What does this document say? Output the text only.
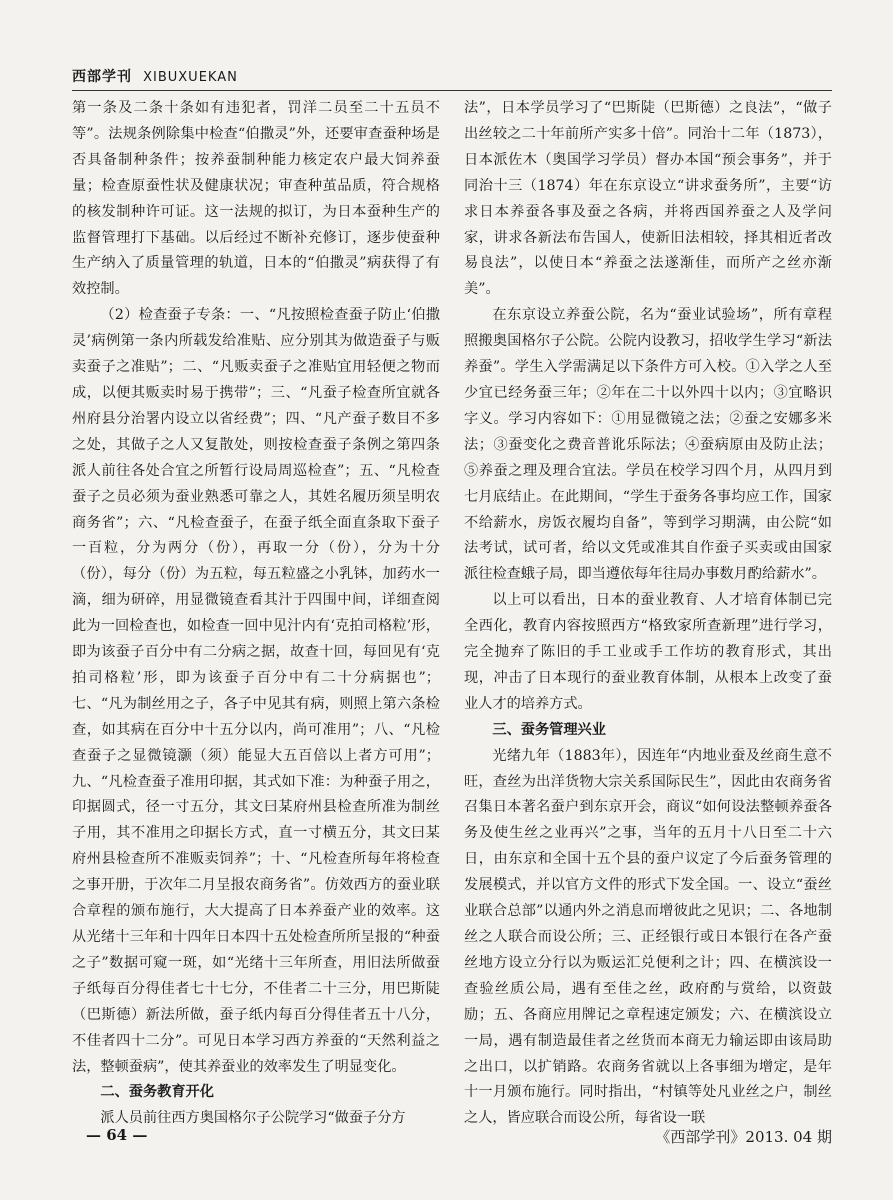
西部学刊 XIBUXUEKAN

第一条及二条十条如有违犯者，罚洋二员至二十五员不等”。法规条例除集中检查“伯撒灵”外，还要审查蚕种场是否具备制种条件；按养蚕制种能力核定农户最大饲养蚕量；检查原蚕性状及健康状况；审查种茧品质，符合规格的核发制种许可证。这一法规的拟订，为日本蚕种生产的监督管理打下基础。以后经过不断补充修订，逐步使蚕种生产纳入了质量管理的轨道，日本的“伯撒灵”病获得了有效控制。

（2）检查蚕子专条：一、“凡按照检查蚕子防止‘伯撒灵’病例第一条内所载发给准贴、应分别其为做造蚕子与贩卖蚕子之准贴”；二、“凡贩卖蚕子之准贴宜用轻便之物而成，以便其贩卖时易于携带”；三、“凡蚕子检查所宜就各州府县分治署内设立以省经费”；四、“凡产蚕子数目不多之处，其做子之人又复散处，则按检查蚕子条例之第四条派人前往各处合宜之所暂行设局周巡检查”；五、“凡检查蚕子之员必须为蚕业熟悉可靠之人，其姓名履历须呈明农商务省”；六、“凡检查蚕子，在蚕子纸全面直条取下蚕子一百粒，分为两分（份），再取一分（份），分为十分（份），每分（份）为五粒，每五粒盛之小乳钵，加药水一滴，细为研碎，用显微镜查看其汁于四围中间，详细查阅此为一回检查也，如检查一回中见汁内有‘克拍司格粒’形，即为该蚕子百分中有二分病之据，故查十回，每回见有‘克拍司格粒’形，即为该蚕子百分中有二十分病据也”；七、“凡为制丝用之子，各子中见其有病，则照上第六条检查，如其病在百分中十五分以内，尚可准用”；八、“凡检查蚕子之显微镜灏（须）能显大五百倍以上者方可用”；九、“凡检查蚕子准用印据，其式如下准：为种蚕子用之，印据圆式，径一寸五分，其文曰某府州县检查所准为制丝子用，其不准用之印据长方式，直一寸横五分，其文曰某府州县检查所不准贩卖饲养”；十、“凡检查所每年将检查之事开册，于次年二月呈报农商务省”。仿效西方的蚕业联合章程的颁布施行，大大提高了日本养蚕产业的效率。这从光绪十三年和十四年日本四十五处检查所所呈报的“种蚕之子”数据可窥一斑，如“光绪十三年所查，用旧法所做蚕子纸每百分得佳者七十七分，不佳者二十三分，用巴斯陡（巴斯德）新法所做，蚕子纸内每百分得佳者五十八分，不佳者四十二分”。可见日本学习西方养蚕的“天然利益之法，整顿蚕病”，使其养蚕业的效率发生了明显变化。

二、蚕务教育开化

派人员前往西方奥国格尔子公院学习“做蚕子分方

法”，日本学员学习了“巴斯陡（巴斯德）之良法”，“做子出丝较之二十年前所产实多十倍”。同治十二年（1873），日本派佐木（奥国学习学员）督办本国“预会事务”，并于同治十三（1874）年在东京设立“讲求蚕务所”，主要“访求日本养蚕各事及蚕之各病，并将西国养蚕之人及学问家，讲求各新法布告国人，使新旧法相较，择其相近者改易良法”，以使日本“养蚕之法遂渐佳，而所产之丝亦渐美”。

在东京设立养蚕公院，名为“蚕业试验场”，所有章程照搬奥国格尔子公院。公院内设教习，招收学生学习“新法养蚕”。学生入学需满足以下条件方可入校。①入学之人至少宜已经务蚕三年；②年在二十以外四十以内；③宜略识字义。学习内容如下：①用显微镜之法；②蚕之安娜多米法；③蚕变化之费音普讹乐际法；④蚕病原由及防止法；⑤养蚕之理及理合宜法。学员在校学习四个月，从四月到七月底结止。在此期间，“学生于蚕务各事均应工作，国家不给薪水，房饭衣履均自备”，等到学习期满，由公院“如法考试，试可者，给以文凭或准其自作蚕子买卖或由国家派往检查蛾子局，即当遵依每年往局办事数月酌给薪水”。

以上可以看出，日本的蚕业教育、人才培育体制已完全西化，教育内容按照西方“格致家所查新理”进行学习，完全抛弃了陈旧的手工业或手工作坊的教育形式，其出现，冲击了日本现行的蚕业教育体制，从根本上改变了蚕业人才的培养方式。

三、蚕务管理兴业

光绪九年（1883年），因连年“内地业蚕及丝商生意不旺，查丝为出洋货物大宗关系国际民生”，因此由农商务省召集日本著名蚕户到东京开会，商议“如何设法整顿养蚕各务及使生丝之业再兴”之事，当年的五月十八日至二十六日，由东京和全国十五个县的蚕户议定了今后蚕务管理的发展模式，并以官方文件的形式下发全国。一、设立“蚕丝业联合总部”以通内外之消息而增彼此之见识；二、各地制丝之人联合而设公所；三、正经银行或日本银行在各产蚕丝地方设立分行以为贩运汇兑便利之计；四、在横滨设一查验丝质公局，遇有至佳之丝，政府酌与赏给，以资鼓励；五、各商应用牌记之章程速定颁发；六、在横滨设立一局，遇有制造最佳者之丝货而本商无力输运即由该局助之出口，以扩销路。农商务省就以上各事细为增定，是年十一月颁布施行。同时指出，“村镇等处凡业丝之户，制丝之人，皆应联合而设公所，每省设一联

— 64 —	《西部学刊》2013. 04 期
